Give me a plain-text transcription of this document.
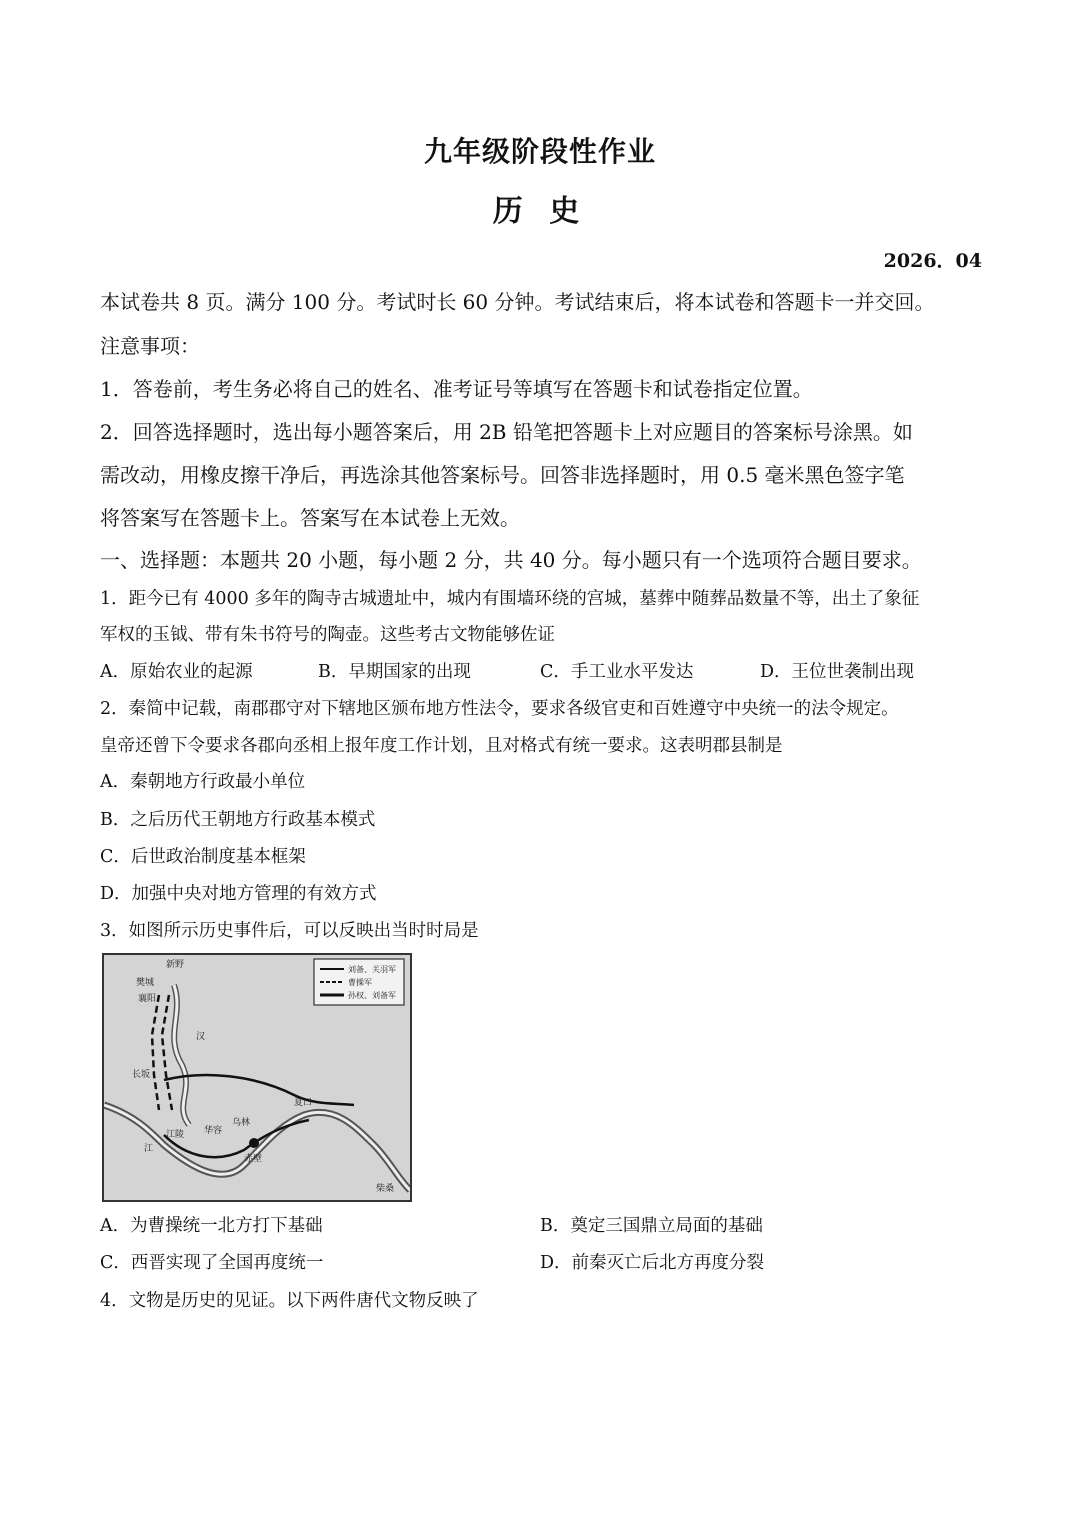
九年级阶段性作业
历 史
2026．04
本试卷共 8 页。满分 100 分。考试时长 60 分钟。考试结束后，将本试卷和答题卡一并交回。
注意事项：
1．答卷前，考生务必将自己的姓名、准考证号等填写在答题卡和试卷指定位置。
2．回答选择题时，选出每小题答案后，用 2B 铅笔把答题卡上对应题目的答案标号涂黑。如
需改动，用橡皮擦干净后，再选涂其他答案标号。回答非选择题时，用 0.5 毫米黑色签字笔
将答案写在答题卡上。答案写在本试卷上无效。
一、选择题：本题共 20 小题，每小题 2 分，共 40 分。每小题只有一个选项符合题目要求。
1．距今已有 4000 多年的陶寺古城遗址中，城内有围墙环绕的宫城，墓葬中随葬品数量不等，出土了象征
军权的玉钺、带有朱书符号的陶壶。这些考古文物能够佐证
A．原始农业的起源	B．早期国家的出现	C．手工业水平发达	D．王位世袭制出现
2．秦简中记载，南郡郡守对下辖地区颁布地方性法令，要求各级官吏和百姓遵守中央统一的法令规定。
皇帝还曾下令要求各郡向丞相上报年度工作计划，且对格式有统一要求。这表明郡县制是
A．秦朝地方行政最小单位
B．之后历代王朝地方行政基本模式
C．后世政治制度基本框架
D．加强中央对地方管理的有效方式
3．如图所示历史事件后，可以反映出当时时局是
刘备、关羽军
曹操军
孙权、刘备军
新野
樊城
襄阳
长坂
江陵 华容
乌林
赤壁
夏口
柴桑
汉
江
A．为曹操统一北方打下基础	B．奠定三国鼎立局面的基础
C．西晋实现了全国再度统一	D．前秦灭亡后北方再度分裂
4．文物是历史的见证。以下两件唐代文物反映了
